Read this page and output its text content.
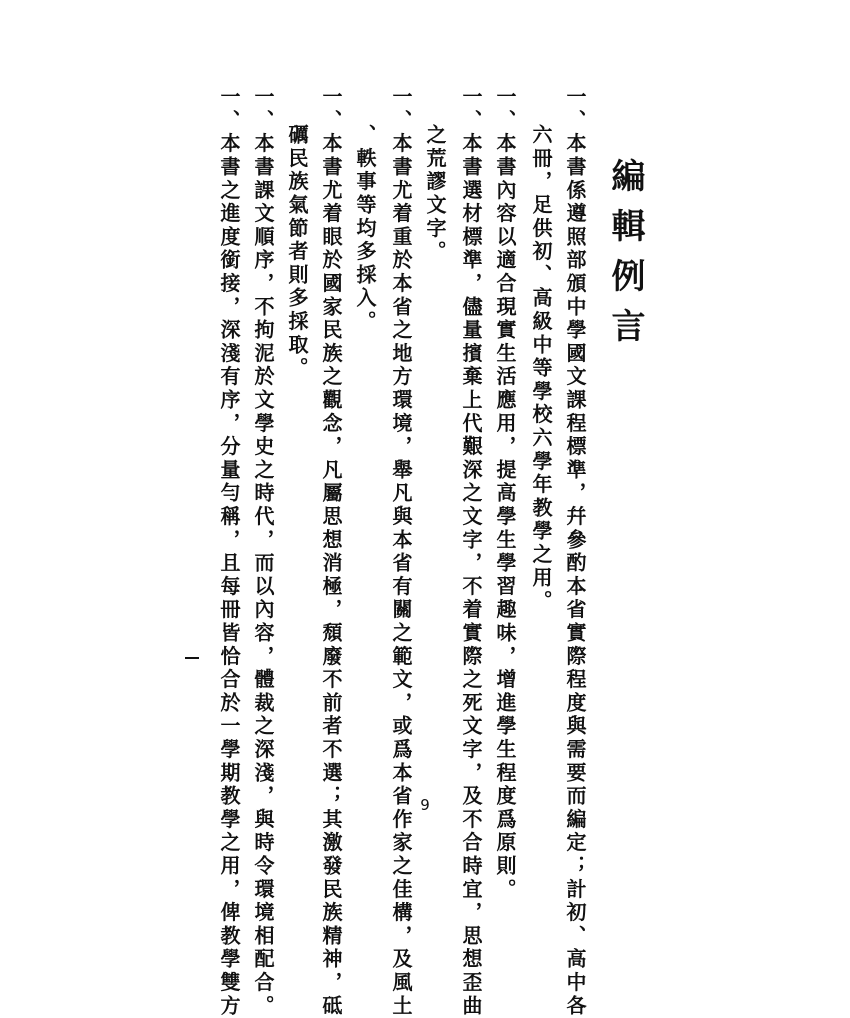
編輯例言
一、本書係遵照部頒中學國文課程標準，幷參酌本省實際程度與需要而編定；計初、高中各
六冊，足供初、高級中等學校六學年教學之用。
一、本書內容以適合現實生活應用，提高學生學習趣味，增進學生程度爲原則。
一、本書選材標準，儘量擯棄上代艱深之文字，不着實際之死文字，及不合時宜，思想歪曲
之荒謬文字。
一、本書尤着重於本省之地方環境，舉凡與本省有關之範文，或爲本省作家之佳構，及風土
、軼事等均多採入。
一、本書尤着眼於國家民族之觀念，凡屬思想消極，頹廢不前者不選；其激發民族精神，砥
礪民族氣節者則多採取。
一、本書課文順序，不拘泥於文學史之時代，而以內容，體裁之深淺，與時令環境相配合。
一、本書之進度銜接，深淺有序，分量勻稱，且每冊皆恰合於一學期教學之用，俾教學雙方	9
